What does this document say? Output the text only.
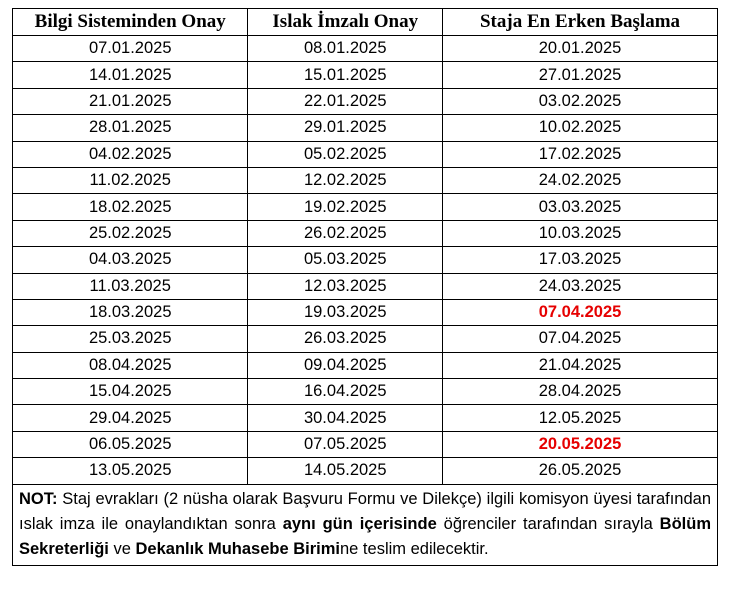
Bilgi Sisteminden Onay	Islak İmzalı Onay	Staja En Erken Başlama
07.01.2025	08.01.2025	20.01.2025
14.01.2025	15.01.2025	27.01.2025
21.01.2025	22.01.2025	03.02.2025
28.01.2025	29.01.2025	10.02.2025
04.02.2025	05.02.2025	17.02.2025
11.02.2025	12.02.2025	24.02.2025
18.02.2025	19.02.2025	03.03.2025
25.02.2025	26.02.2025	10.03.2025
04.03.2025	05.03.2025	17.03.2025
11.03.2025	12.03.2025	24.03.2025
18.03.2025	19.03.2025	07.04.2025
25.03.2025	26.03.2025	07.04.2025
08.04.2025	09.04.2025	21.04.2025
15.04.2025	16.04.2025	28.04.2025
29.04.2025	30.04.2025	12.05.2025
06.05.2025	07.05.2025	20.05.2025
13.05.2025	14.05.2025	26.05.2025
NOT: Staj evrakları (2 nüsha olarak Başvuru Formu ve Dilekçe) ilgili komisyon üyesi tarafından ıslak imza ile onaylandıktan sonra aynı gün içerisinde öğrenciler tarafından sırayla Bölüm Sekreterliği ve Dekanlık Muhasebe Birimine teslim edilecektir.		
